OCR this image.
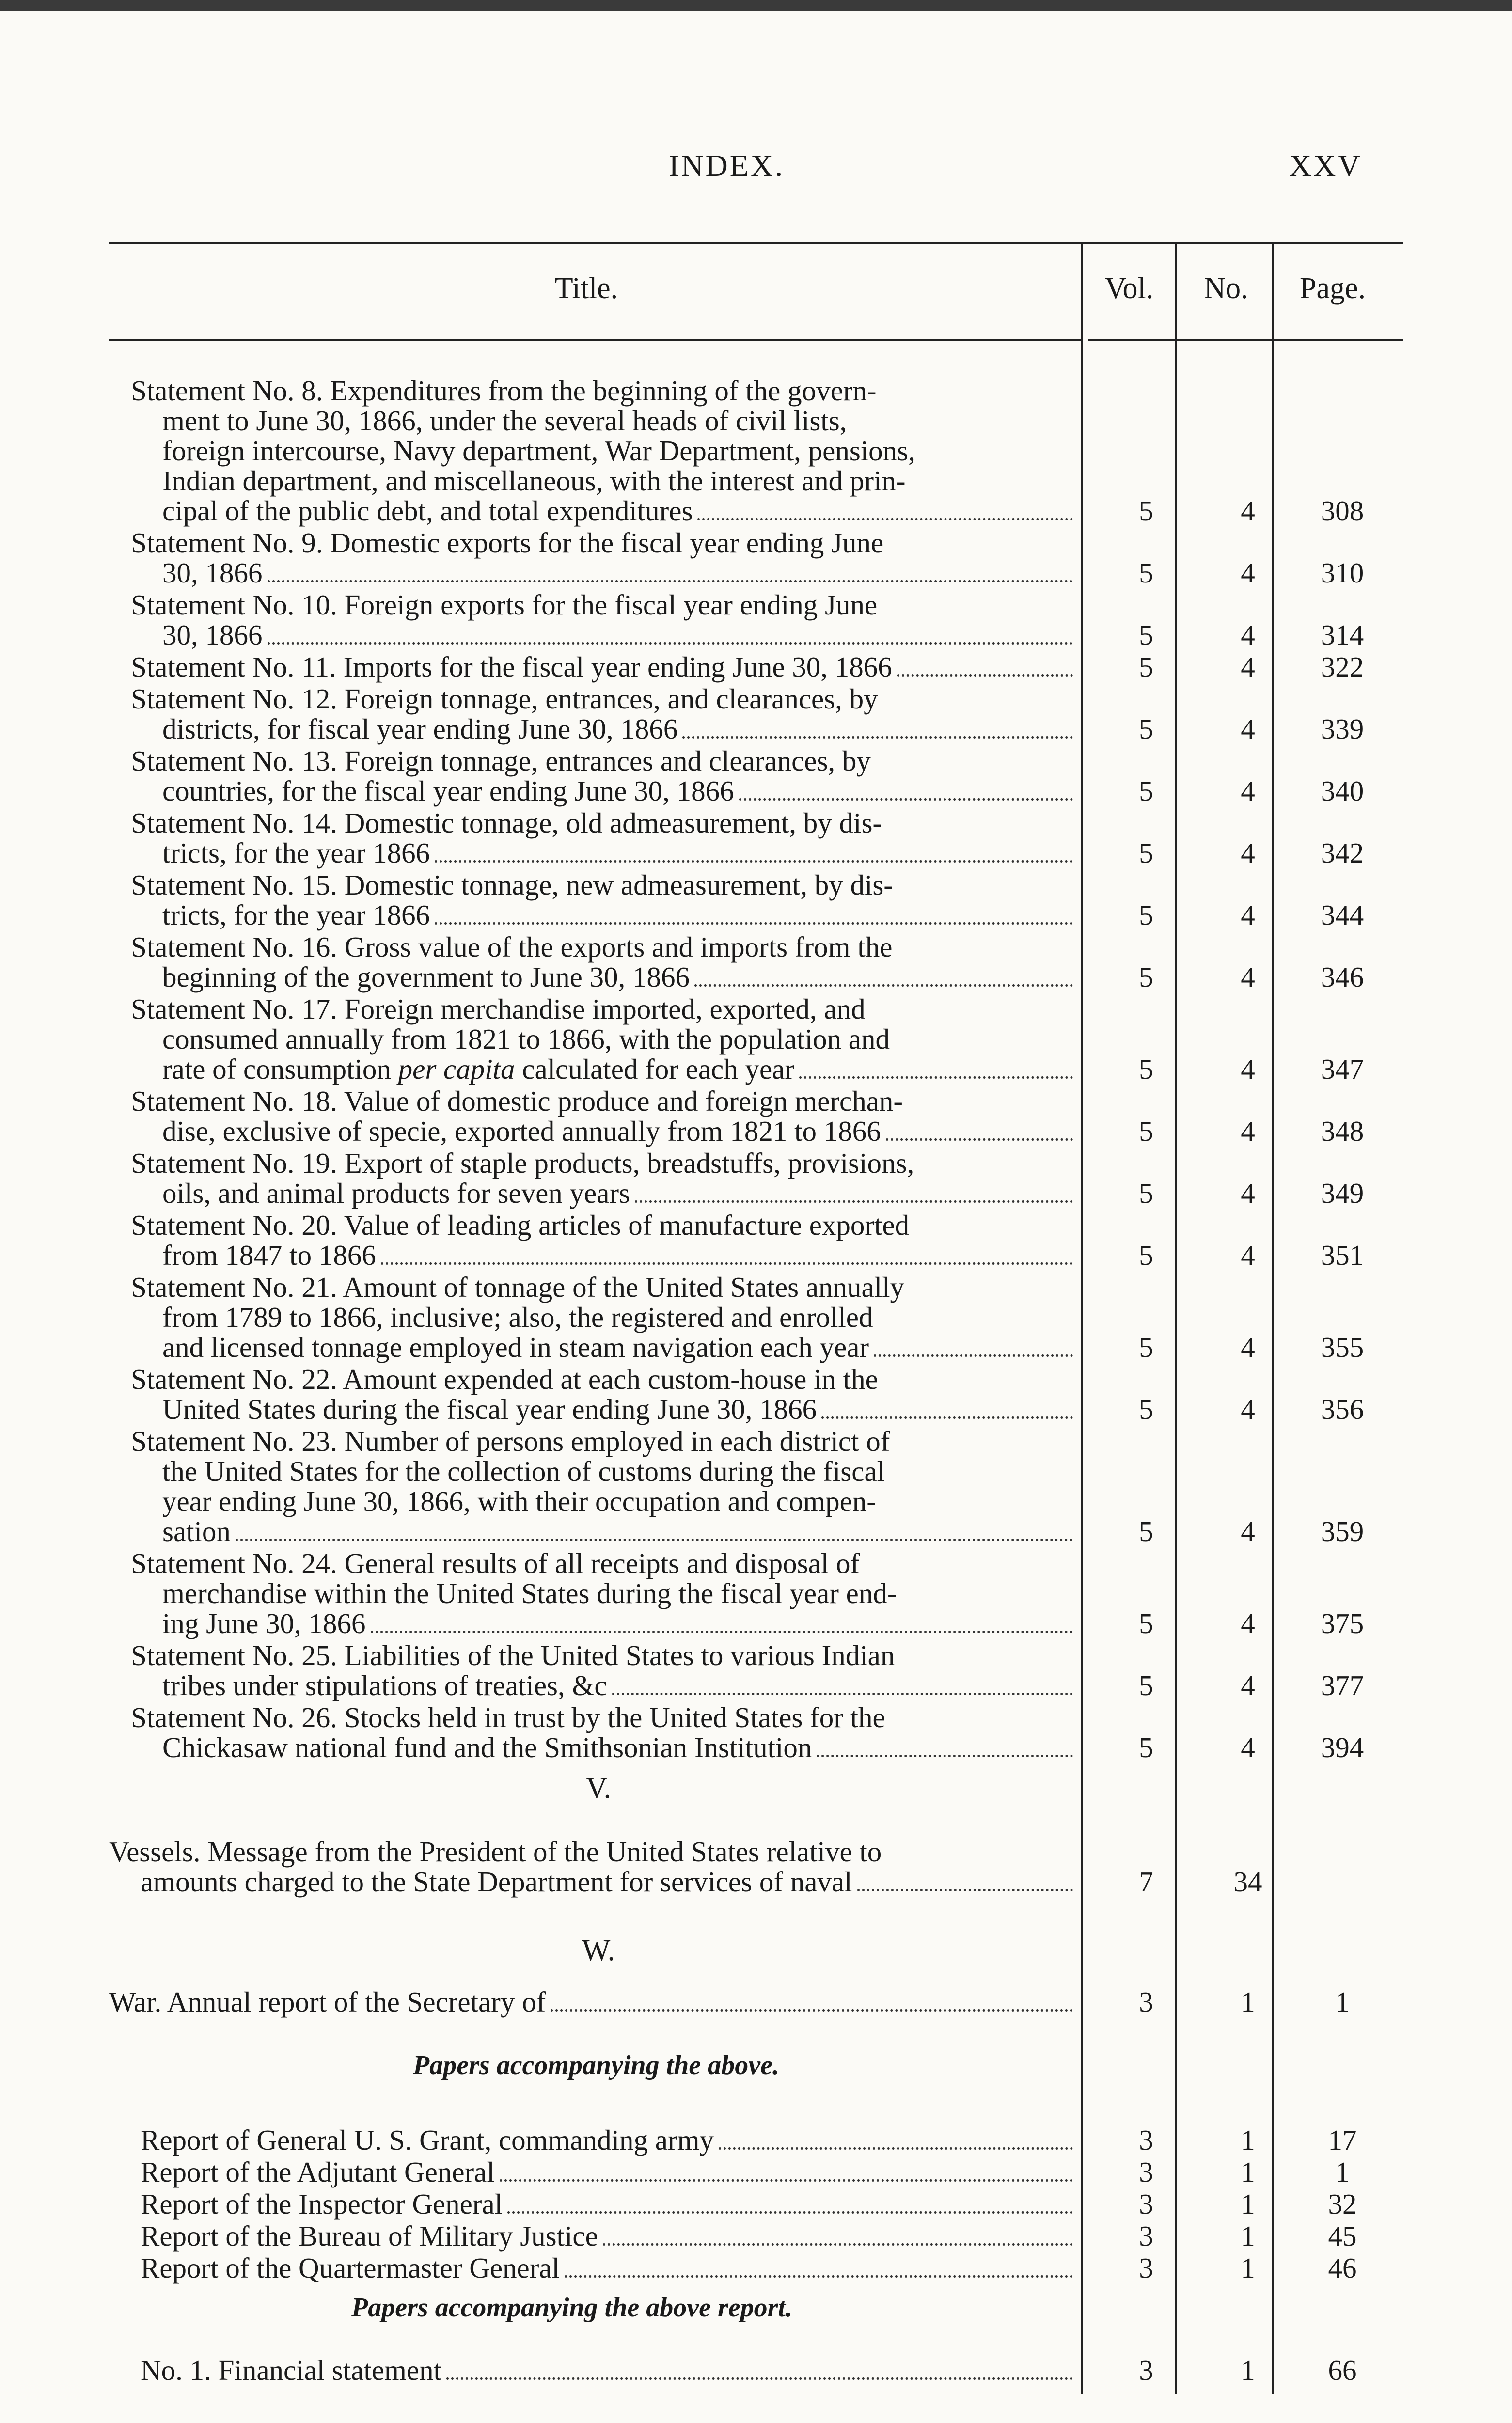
INDEX.	XXV
Title.	Vol.	No.	Page.
Statement No. 8. Expenditures from the beginning of the govern-
ment to June 30, 1866, under the several heads of civil lists,
foreign intercourse, Navy department, War Department, pensions,
Indian department, and miscellaneous, with the interest and prin-
cipal of the public debt, and total expenditures	5	4	308
Statement No. 9. Domestic exports for the fiscal year ending June
30, 1866	5	4	310
Statement No. 10. Foreign exports for the fiscal year ending June
30, 1866	5	4	314
Statement No. 11. Imports for the fiscal year ending June 30, 1866	5	4	322
Statement No. 12. Foreign tonnage, entrances, and clearances, by
districts, for fiscal year ending June 30, 1866	5	4	339
Statement No. 13. Foreign tonnage, entrances and clearances, by
countries, for the fiscal year ending June 30, 1866	5	4	340
Statement No. 14. Domestic tonnage, old admeasurement, by dis-
tricts, for the year 1866	5	4	342
Statement No. 15. Domestic tonnage, new admeasurement, by dis-
tricts, for the year 1866	5	4	344
Statement No. 16. Gross value of the exports and imports from the
beginning of the government to June 30, 1866	5	4	346
Statement No. 17. Foreign merchandise imported, exported, and
consumed annually from 1821 to 1866, with the population and
rate of consumption per capita calculated for each year	5	4	347
Statement No. 18. Value of domestic produce and foreign merchan-
dise, exclusive of specie, exported annually from 1821 to 1866	5	4	348
Statement No. 19. Export of staple products, breadstuffs, provisions,
oils, and animal products for seven years	5	4	349
Statement No. 20. Value of leading articles of manufacture exported
from 1847 to 1866	5	4	351
Statement No. 21. Amount of tonnage of the United States annually
from 1789 to 1866, inclusive; also, the registered and enrolled
and licensed tonnage employed in steam navigation each year	5	4	355
Statement No. 22. Amount expended at each custom-house in the
United States during the fiscal year ending June 30, 1866	5	4	356
Statement No. 23. Number of persons employed in each district of
the United States for the collection of customs during the fiscal
year ending June 30, 1866, with their occupation and compen-
sation	5	4	359
Statement No. 24. General results of all receipts and disposal of
merchandise within the United States during the fiscal year end-
ing June 30, 1866	5	4	375
Statement No. 25. Liabilities of the United States to various Indian
tribes under stipulations of treaties, &c	5	4	377
Statement No. 26. Stocks held in trust by the United States for the
Chickasaw national fund and the Smithsonian Institution	5	4	394
V.
Vessels. Message from the President of the United States relative to
amounts charged to the State Department for services of naval	7	34
W.
War. Annual report of the Secretary of	3	1	1
Papers accompanying the above.
Report of General U. S. Grant, commanding army	3	1	17
Report of the Adjutant General	3	1	1
Report of the Inspector General	3	1	32
Report of the Bureau of Military Justice	3	1	45
Report of the Quartermaster General	3	1	46
Papers accompanying the above report.
No. 1. Financial statement	3	1	66
